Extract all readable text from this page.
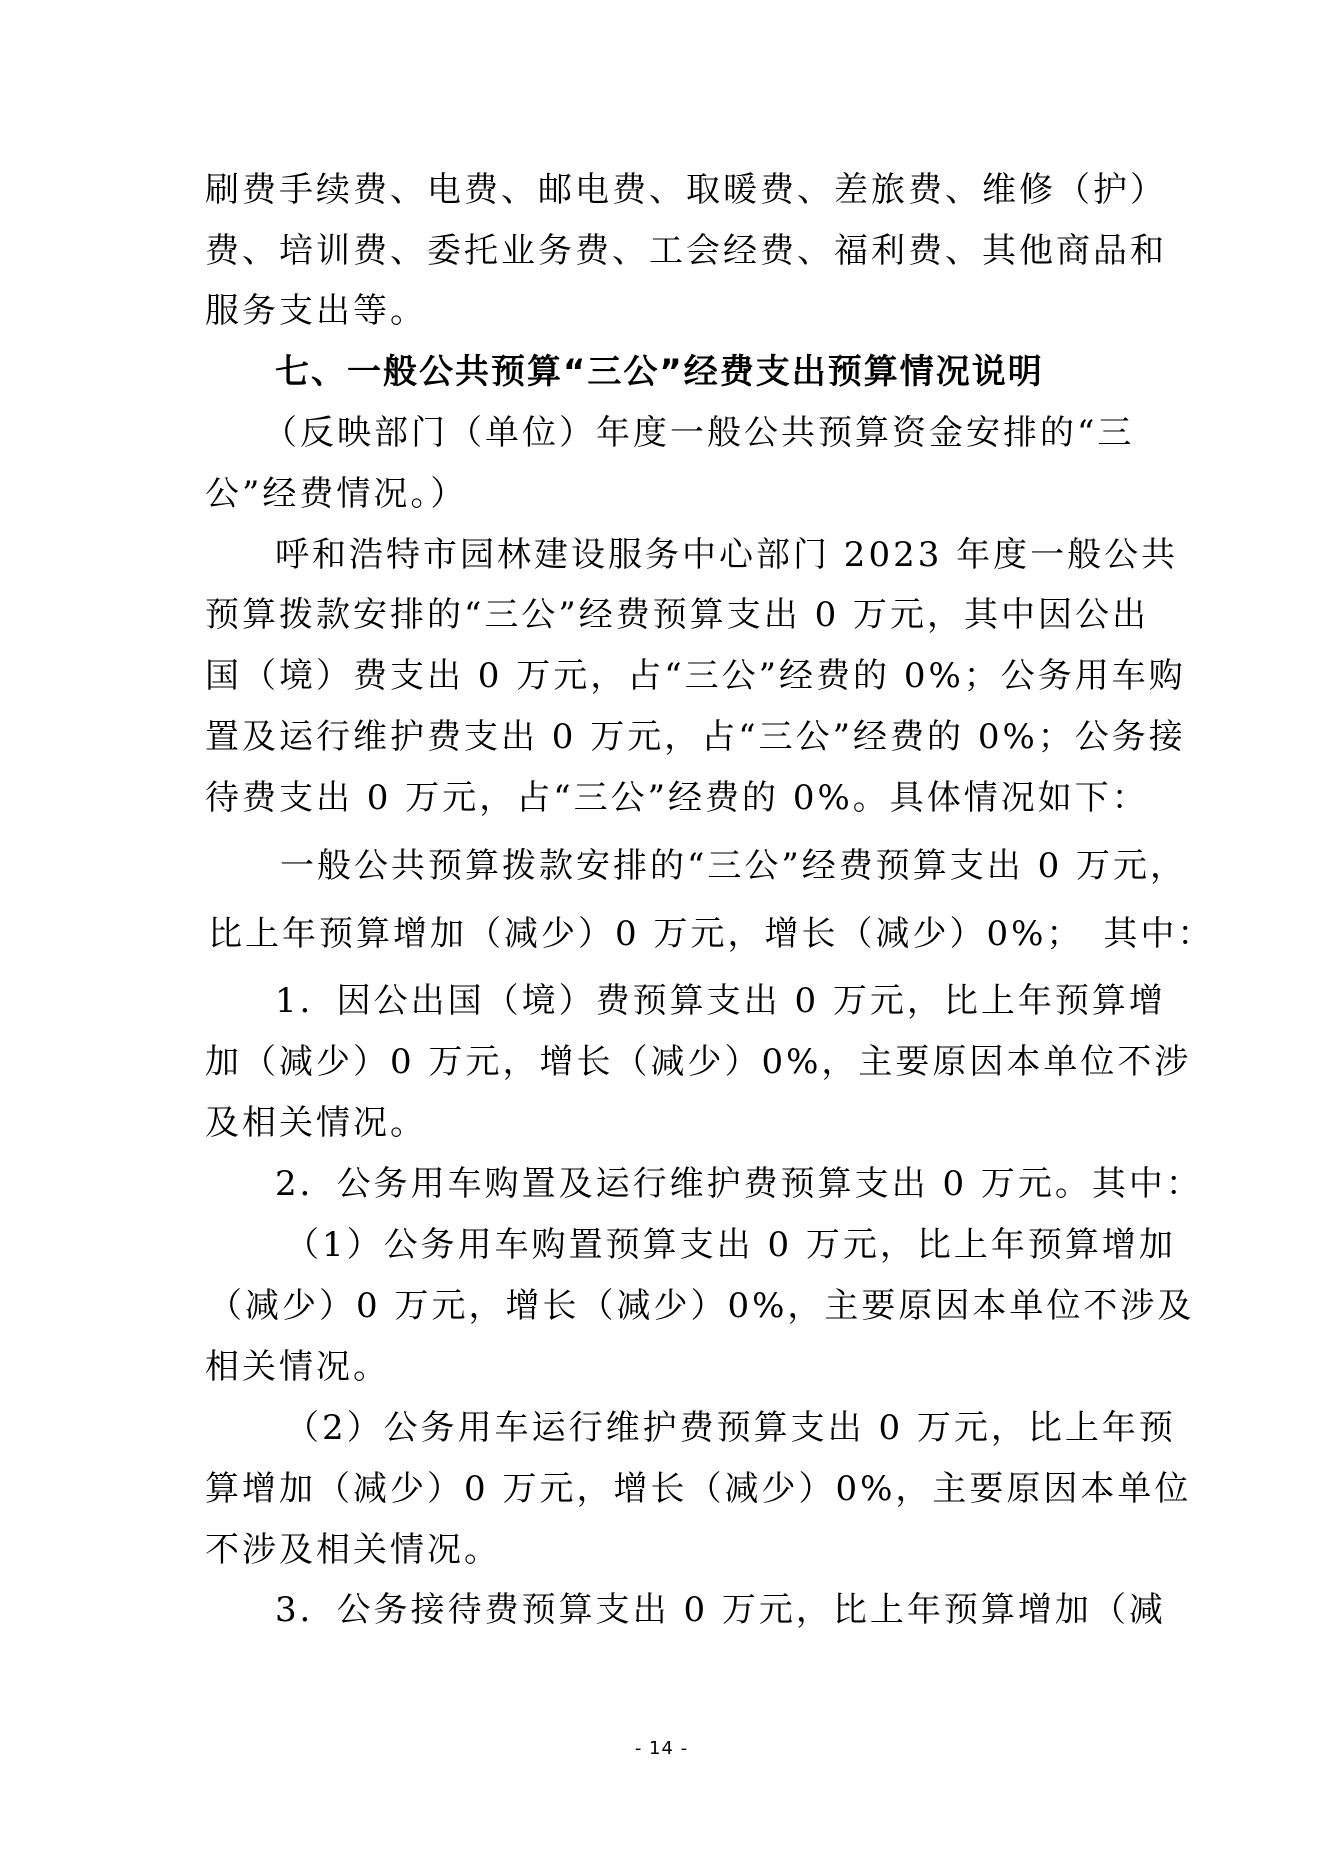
刷费手续费、电费、邮电费、取暖费、差旅费、维修（护）
费、培训费、委托业务费、工会经费、福利费、其他商品和
服务支出等。
七、一般公共预算“三公”经费支出预算情况说明
（反映部门（单位）年度一般公共预算资金安排的“三
公”经费情况。）
呼和浩特市园林建设服务中心部门 2023 年度一般公共
预算拨款安排的“三公”经费预算支出 0 万元，其中因公出
国（境）费支出 0 万元，占“三公”经费的 0%；公务用车购
置及运行维护费支出 0 万元，占“三公”经费的 0%；公务接
待费支出 0 万元，占“三公”经费的 0%。具体情况如下：
一般公共预算拨款安排的“三公”经费预算支出 0 万元，
比上年预算增加（减少）0 万元，增长（减少）0%；　其中：
1．因公出国（境）费预算支出 0 万元，比上年预算增
加（减少）0 万元，增长（减少）0%，主要原因本单位不涉
及相关情况。
2．公务用车购置及运行维护费预算支出 0 万元。其中：
（1）公务用车购置预算支出 0 万元，比上年预算增加
（减少）0 万元，增长（减少）0%，主要原因本单位不涉及
相关情况。
（2）公务用车运行维护费预算支出 0 万元，比上年预
算增加（减少）0 万元，增长（减少）0%，主要原因本单位
不涉及相关情况。
3．公务接待费预算支出 0 万元，比上年预算增加（减
- 14 -
